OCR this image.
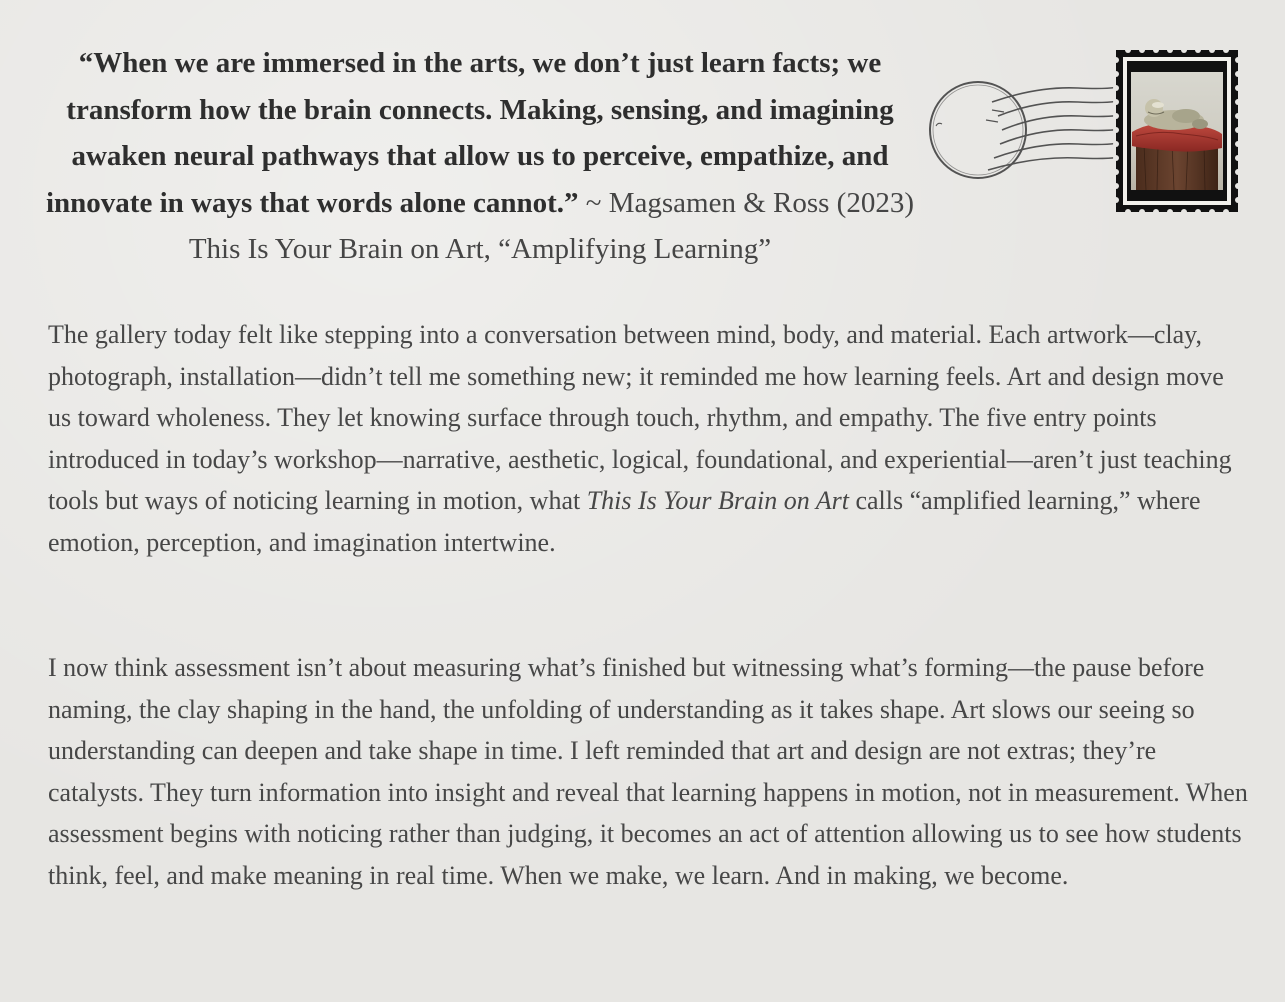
“When we are immersed in the arts, we don’t just learn facts; we transform how the brain connects. Making, sensing, and imagining awaken neural pathways that allow us to perceive, empathize, and innovate in ways that words alone cannot.” ~ Magsamen & Ross (2023) This Is Your Brain on Art, “Amplifying Learning”

The gallery today felt like stepping into a conversation between mind, body, and material. Each artwork—clay, photograph, installation—didn’t tell me something new; it reminded me how learning feels. Art and design move us toward wholeness. They let knowing surface through touch, rhythm, and empathy. The five entry points introduced in today’s workshop—narrative, aesthetic, logical, foundational, and experiential—aren’t just teaching tools but ways of noticing learning in motion, what This Is Your Brain on Art calls “amplified learning,” where emotion, perception, and imagination intertwine.

I now think assessment isn’t about measuring what’s finished but witnessing what’s forming—the pause before naming, the clay shaping in the hand, the unfolding of understanding as it takes shape. Art slows our seeing so understanding can deepen and take shape in time. I left reminded that art and design are not extras; they’re catalysts. They turn information into insight and reveal that learning happens in motion, not in measurement. When assessment begins with noticing rather than judging, it becomes an act of attention allowing us to see how students think, feel, and make meaning in real time. When we make, we learn. And in making, we become.
